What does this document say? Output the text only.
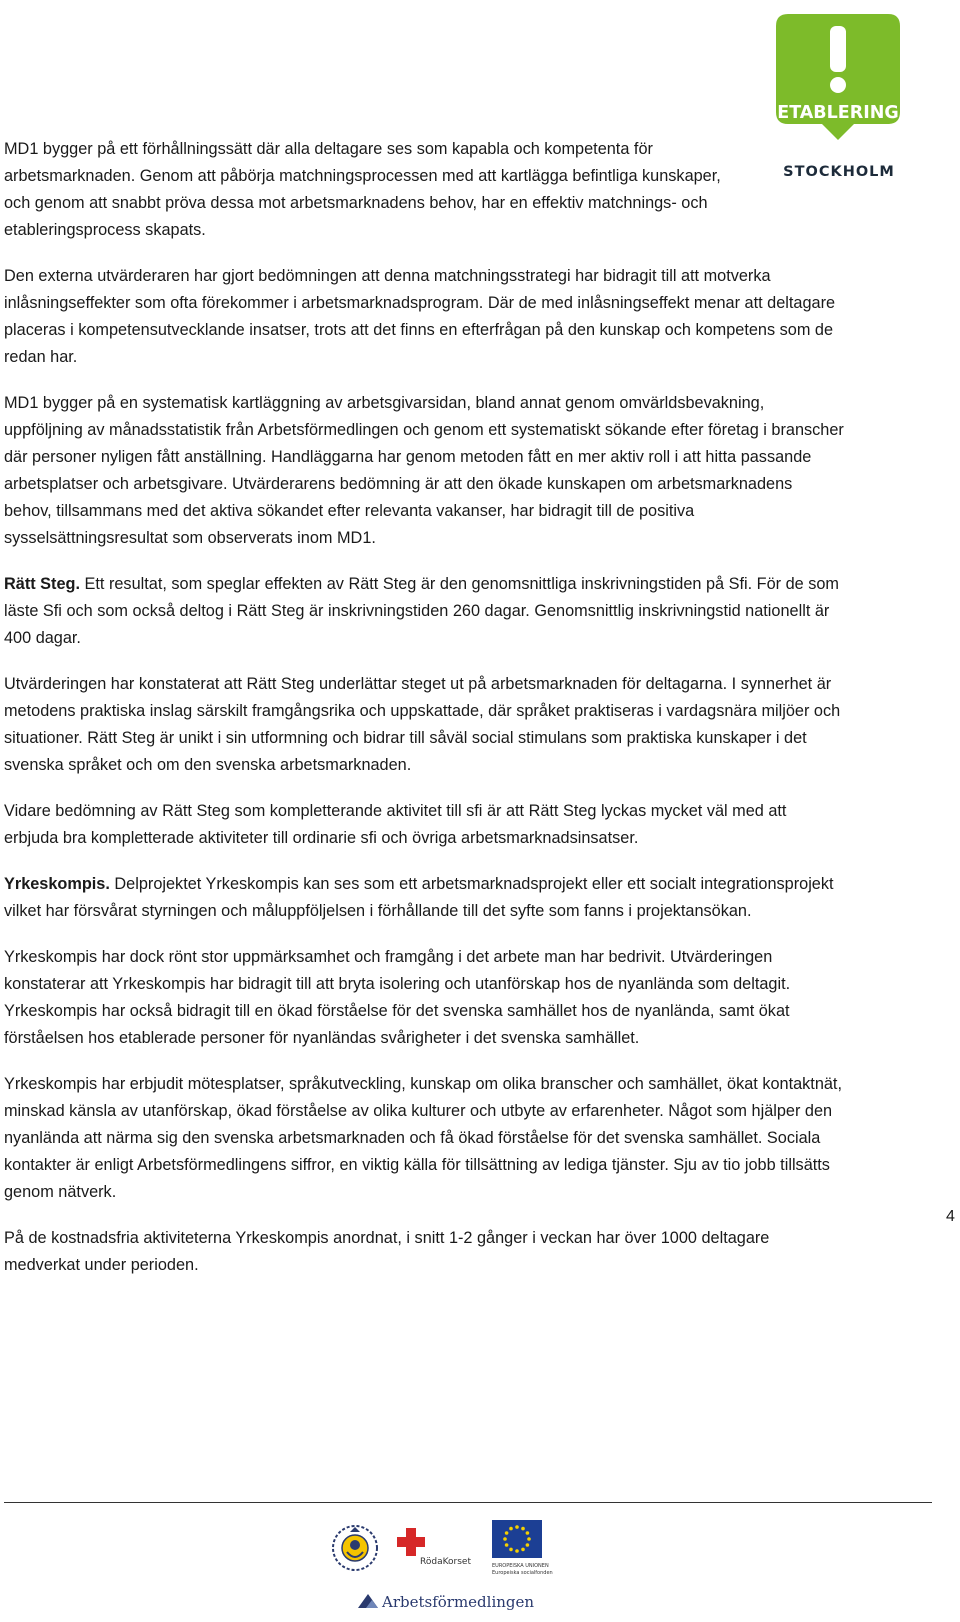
ETABLERING
STOCKHOLM

MD1 bygger på ett förhållningssätt där alla deltagare ses som kapabla och kompetenta för arbetsmarknaden. Genom att påbörja matchningsprocessen med att kartlägga befintliga kunskaper, och genom att snabbt pröva dessa mot arbetsmarknadens behov, har en effektiv matchnings- och etableringsprocess skapats.

Den externa utvärderaren har gjort bedömningen att denna matchningsstrategi har bidragit till att motverka inlåsningseffekter som ofta förekommer i arbetsmarknadsprogram. Där de med inlåsningseffekt menar att deltagare placeras i kompetensutvecklande insatser, trots att det finns en efterfrågan på den kunskap och kompetens som de redan har.

MD1 bygger på en systematisk kartläggning av arbetsgivarsidan, bland annat genom omvärldsbevakning, uppföljning av månadsstatistik från Arbetsförmedlingen och genom ett systematiskt sökande efter företag i branscher där personer nyligen fått anställning. Handläggarna har genom metoden fått en mer aktiv roll i att hitta passande arbetsplatser och arbetsgivare. Utvärderarens bedömning är att den ökade kunskapen om arbetsmarknadens behov, tillsammans med det aktiva sökandet efter relevanta vakanser, har bidragit till de positiva sysselsättningsresultat som observerats inom MD1.

Rätt Steg. Ett resultat, som speglar effekten av Rätt Steg är den genomsnittliga inskrivningstiden på Sfi. För de som läste Sfi och som också deltog i Rätt Steg är inskrivningstiden 260 dagar. Genomsnittlig inskrivningstid nationellt är 400 dagar.

Utvärderingen har konstaterat att Rätt Steg underlättar steget ut på arbetsmarknaden för deltagarna. I synnerhet är metodens praktiska inslag särskilt framgångsrika och uppskattade, där språket praktiseras i vardagsnära miljöer och situationer. Rätt Steg är unikt i sin utformning och bidrar till såväl social stimulans som praktiska kunskaper i det svenska språket och om den svenska arbetsmarknaden.

Vidare bedömning av Rätt Steg som kompletterande aktivitet till sfi är att Rätt Steg lyckas mycket väl med att erbjuda bra kompletterade aktiviteter till ordinarie sfi och övriga arbetsmarknadsinsatser.

Yrkeskompis. Delprojektet Yrkeskompis kan ses som ett arbetsmarknadsprojekt eller ett socialt integrationsprojekt vilket har försvårat styrningen och måluppföljelsen i förhållande till det syfte som fanns i projektansökan.

Yrkeskompis har dock rönt stor uppmärksamhet och framgång i det arbete man har bedrivit. Utvärderingen konstaterar att Yrkeskompis har bidragit till att bryta isolering och utanförskap hos de nyanlända som deltagit. Yrkeskompis har också bidragit till en ökad förståelse för det svenska samhället hos de nyanlända, samt ökat förståelsen hos etablerade personer för nyanländas svårigheter i det svenska samhället.

Yrkeskompis har erbjudit mötesplatser, språkutveckling, kunskap om olika branscher och samhället, ökat kontaktnät, minskad känsla av utanförskap, ökad förståelse av olika kulturer och utbyte av erfarenheter. Något som hjälper den nyanlända att närma sig den svenska arbetsmarknaden och få ökad förståelse för det svenska samhället. Sociala kontakter är enligt Arbetsförmedlingens siffror, en viktig källa för tillsättning av lediga tjänster. Sju av tio jobb tillsätts genom nätverk.

På de kostnadsfria aktiviteterna Yrkeskompis anordnat, i snitt 1-2 gånger i veckan har över 1000 deltagare medverkat under perioden.

4
RödaKorset	EUROPEISKA UNIONEN
Europeiska socialfonden
Arbetsförmedlingen
